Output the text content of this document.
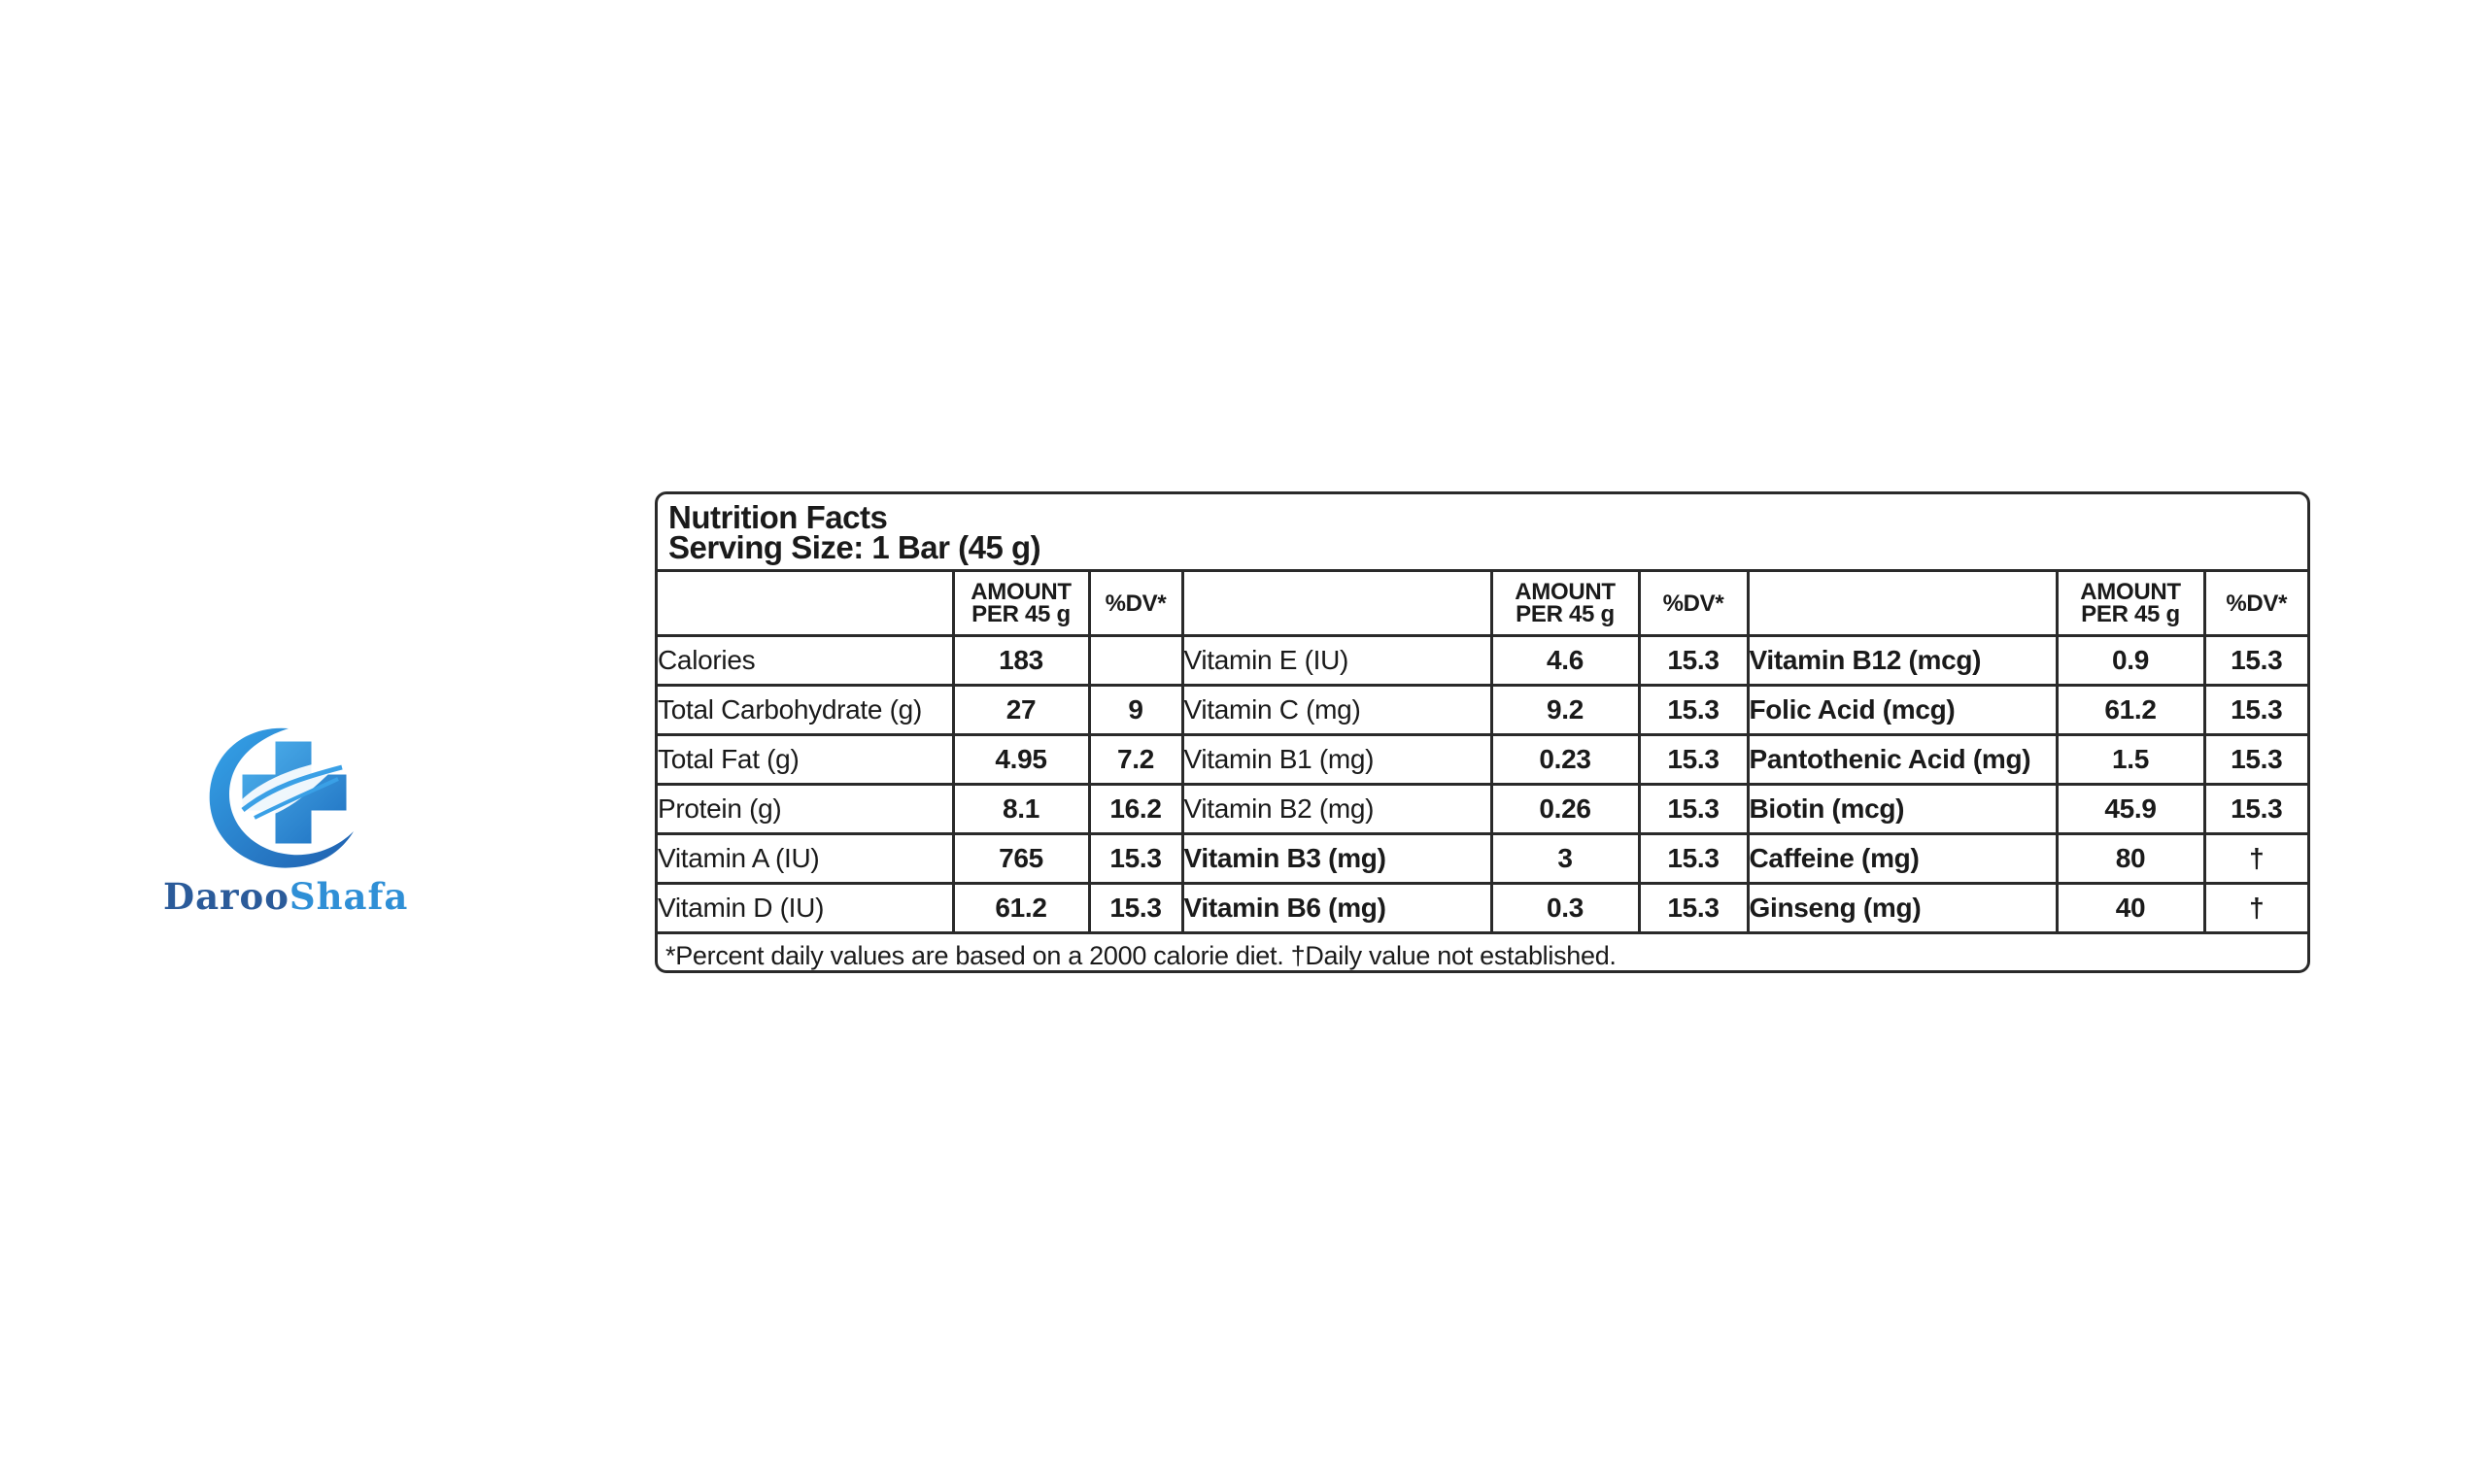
DarooShafa
Nutrition Facts
Serving Size: 1 Bar (45 g)
	AMOUNT
PER 45 g	%DV*		AMOUNT
PER 45 g	%DV*		AMOUNT
PER 45 g	%DV*
Calories	183		Vitamin E (IU)	4.6	15.3	Vitamin B12 (mcg)	0.9	15.3
Total Carbohydrate (g)	27	9	Vitamin C (mg)	9.2	15.3	Folic Acid (mcg)	61.2	15.3
Total Fat (g)	4.95	7.2	Vitamin B1 (mg)	0.23	15.3	Pantothenic Acid (mg)	1.5	15.3
Protein (g)	8.1	16.2	Vitamin B2 (mg)	0.26	15.3	Biotin (mcg)	45.9	15.3
Vitamin A (IU)	765	15.3	Vitamin B3 (mg)	3	15.3	Caffeine (mg)	80	†
Vitamin D (IU)	61.2	15.3	Vitamin B6 (mg)	0.3	15.3	Ginseng (mg)	40	†
*Percent daily values are based on a 2000 calorie diet. †Daily value not established.
